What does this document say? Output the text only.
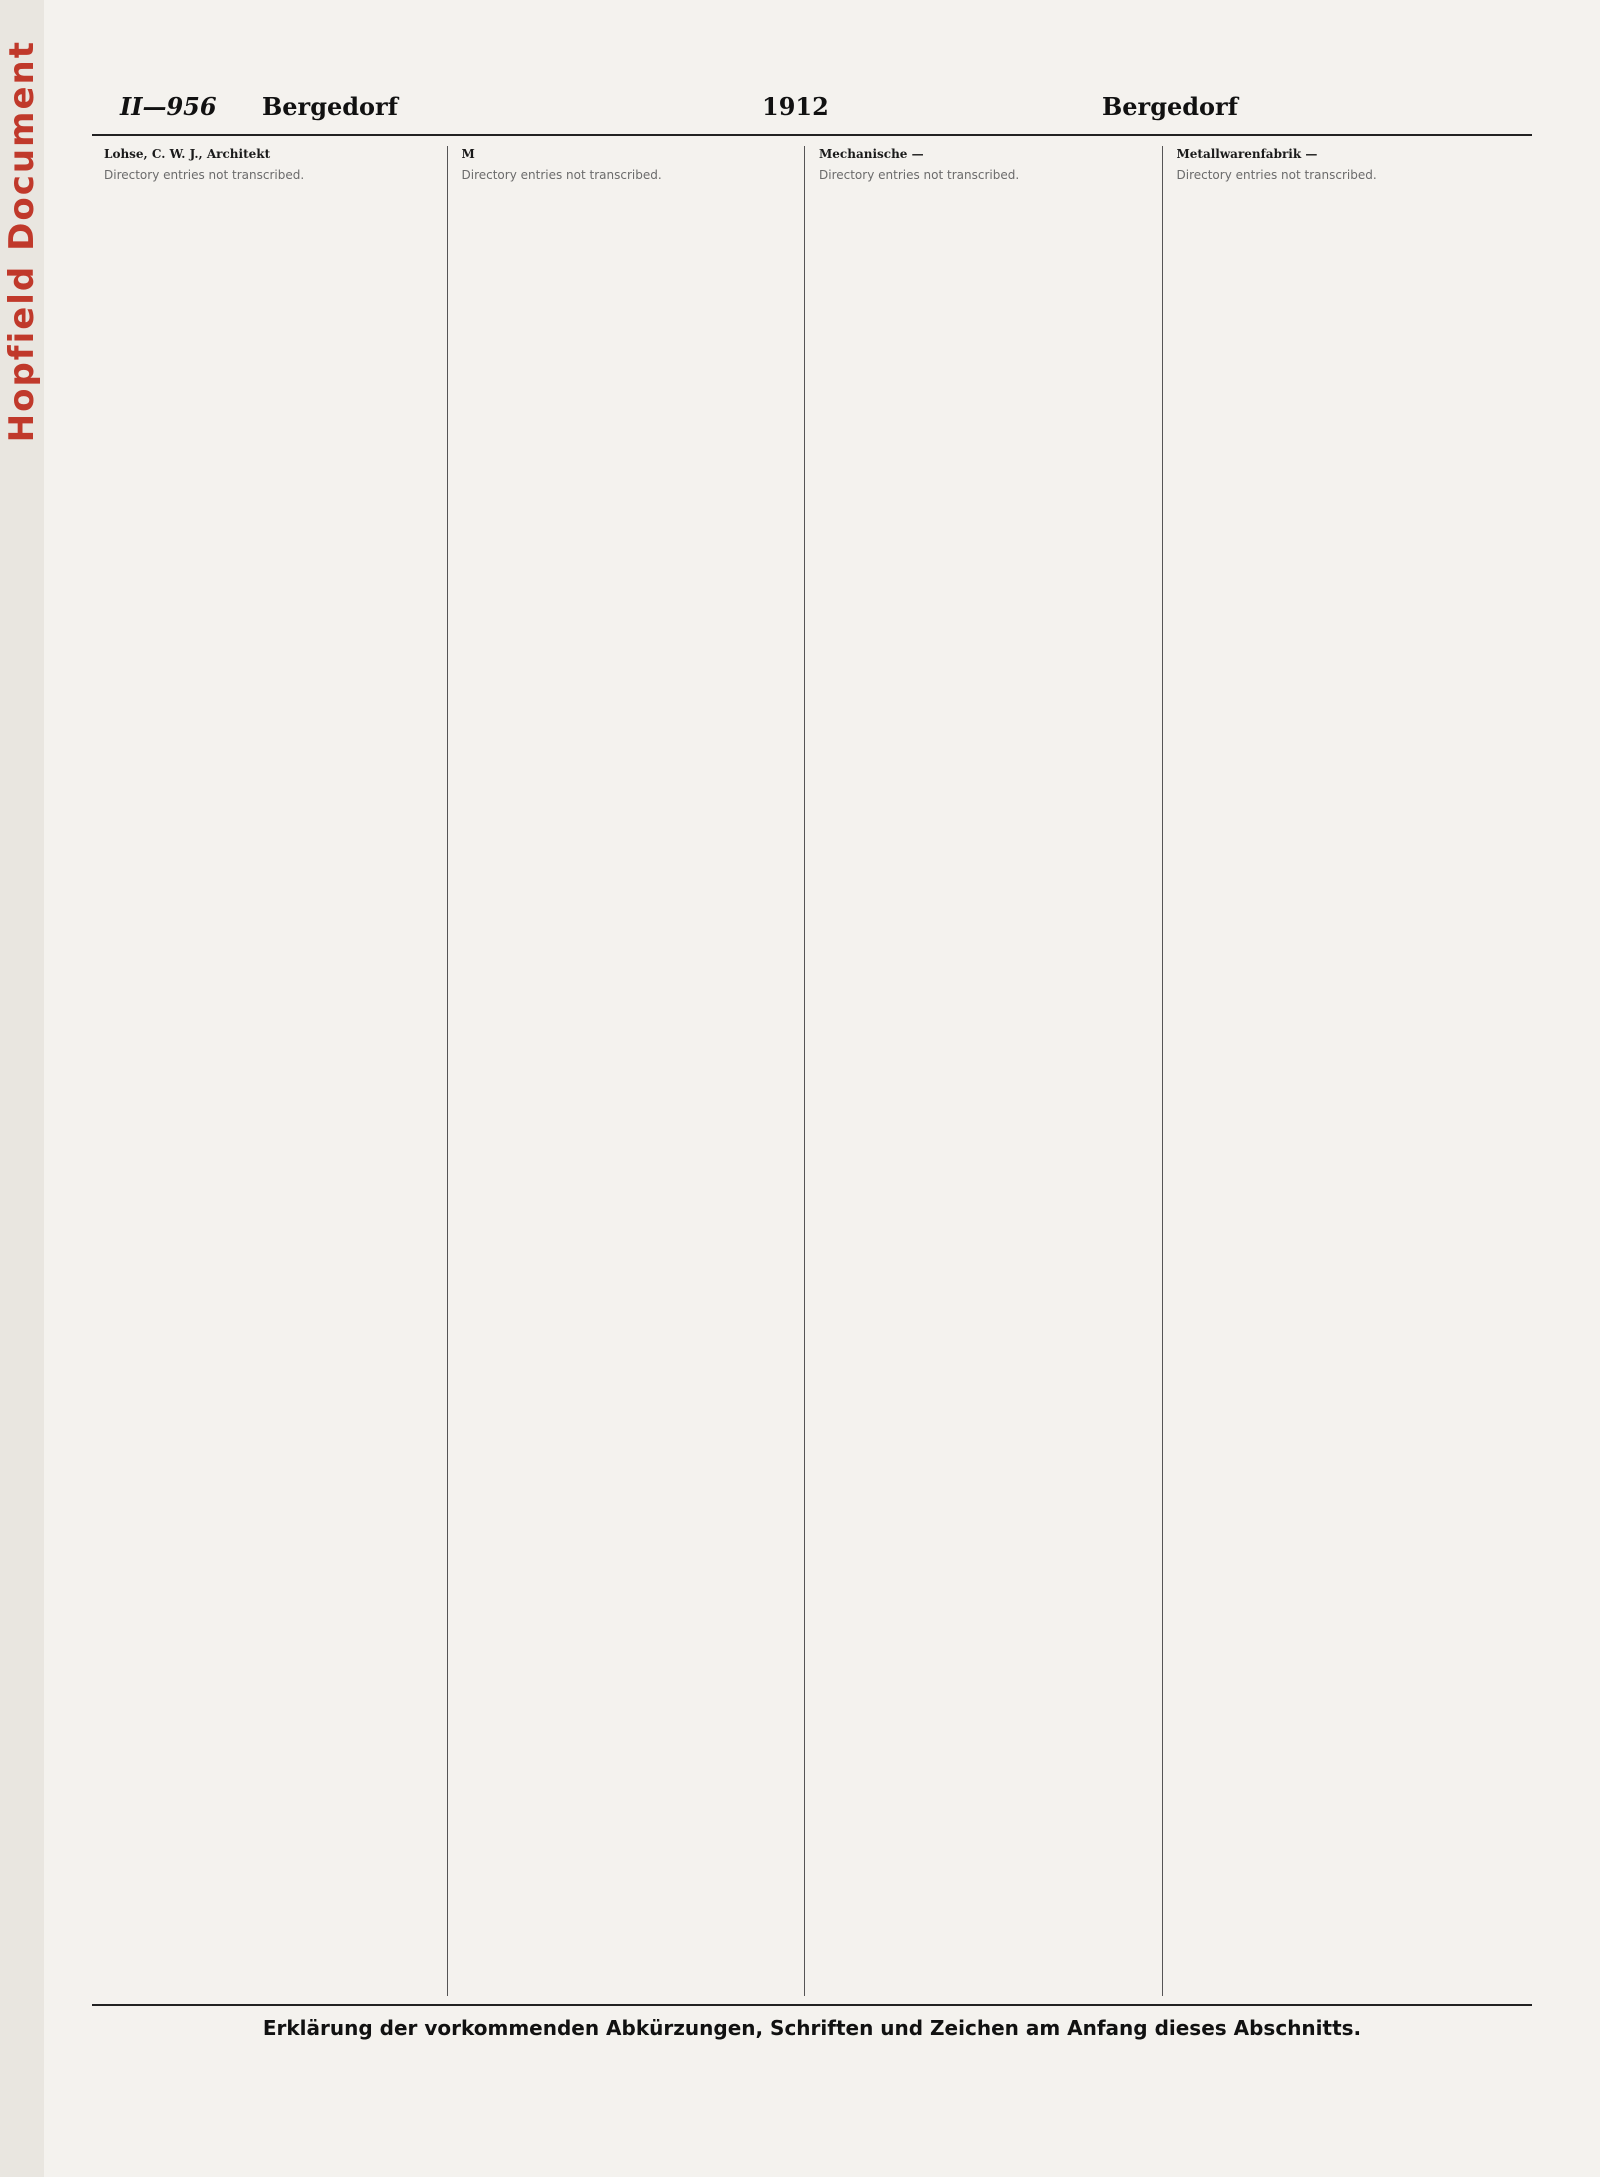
Hopfield Document	II—956 Bergedorf	1912	Bergedorf
Lohse, C. W. J., Architekt
Directory entries not transcribed.
M
Directory entries not transcribed.
Mechanische —
Directory entries not transcribed.
Metallwarenfabrik —
Directory entries not transcribed.
Erklärung der vorkommenden Abkürzungen, Schriften und Zeichen am Anfang dieses Abschnitts.
